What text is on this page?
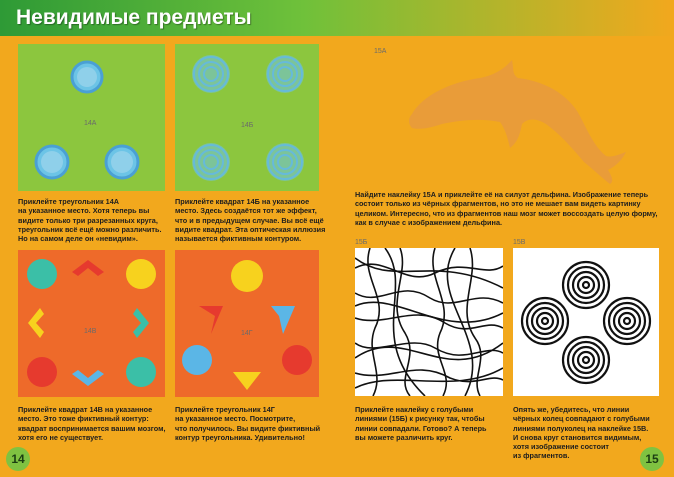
Невидимые предметы
14А	14Б
15А
Приклейте треугольник 14А
на указанное место. Хотя теперь вы
видите только три разрезанных круга,
треугольник всё ещё можно различить.
Но на самом деле он «невидим».
Приклейте квадрат 14Б на указанное
место. Здесь создаётся тот же эффект,
что и в предыдущем случае. Вы всё ещё
видите квадрат. Эта оптическая иллюзия
называется фиктивным контуром.
Найдите наклейку 15А и приклейте её на силуэт дельфина. Изображение теперь
состоит только из чёрных фрагментов, но это не мешает вам видеть картинку
целиком. Интересно, что из фрагментов наш мозг может воссоздать целую форму,
как в случае с изображением дельфина.
14В	14Г
15Б	15В
Приклейте квадрат 14В на указанное
место. Это тоже фиктивный контур:
квадрат воспринимается вашим мозгом,
хотя его не существует.
Приклейте треугольник 14Г
на указанное место. Посмотрите,
что получилось. Вы видите фиктивный
контур треугольника. Удивительно!
Приклейте наклейку с голубыми
линиями (15Б) к рисунку так, чтобы
линии совпадали. Готово? А теперь
вы можете различить круг.
Опять же, убедитесь, что линии
чёрных колец совпадают с голубыми
линиями полуколец на наклейке 15В.
И снова круг становится видимым,
хотя изображение состоит
из фрагментов.
14	15
